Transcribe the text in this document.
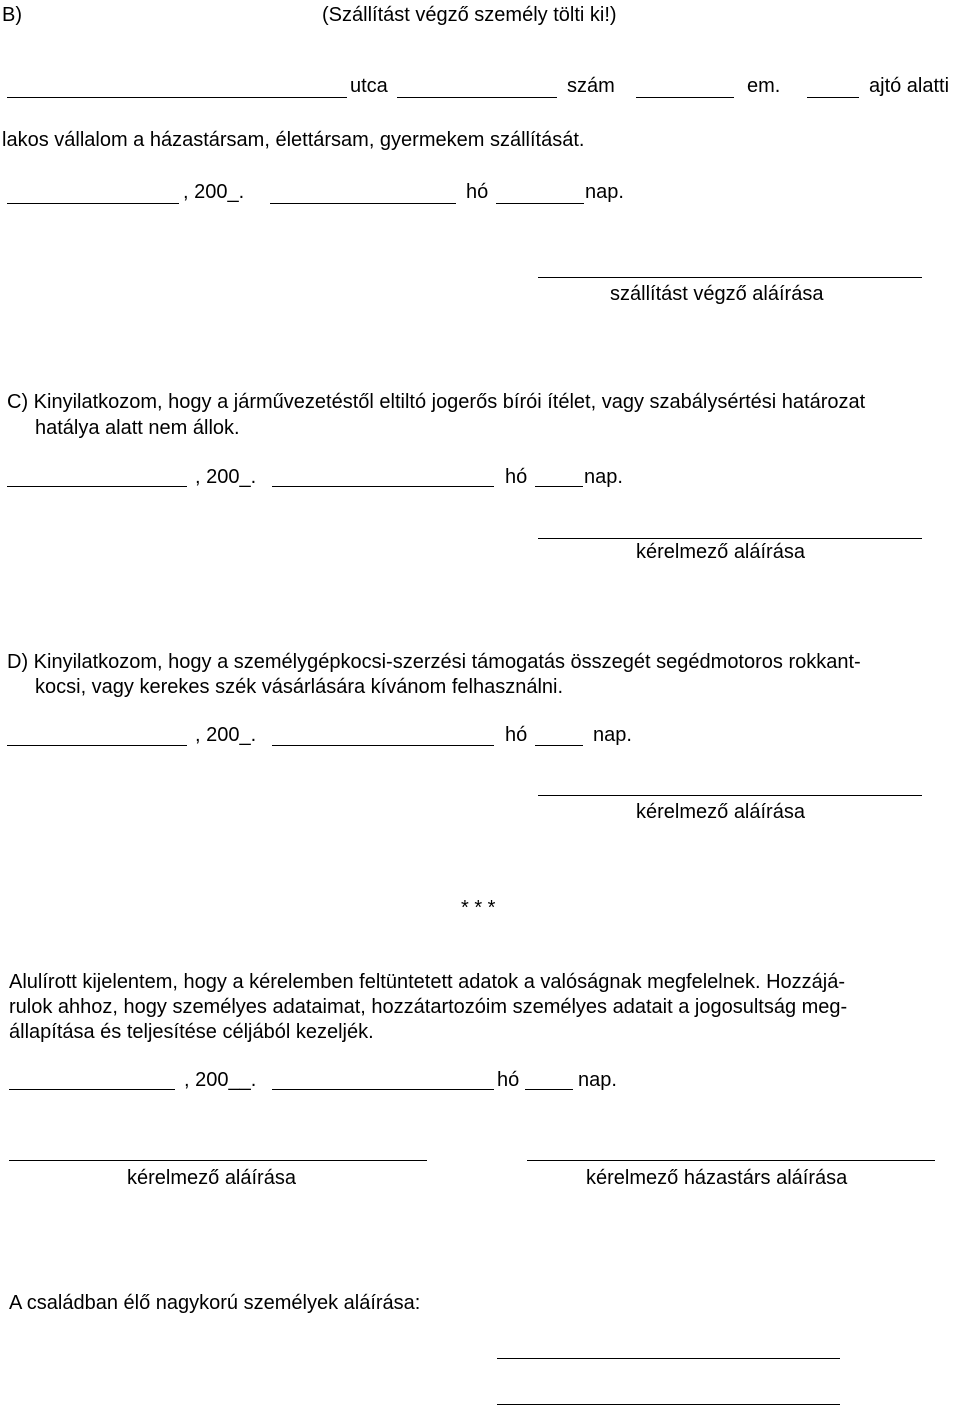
B)	(Szállítást végző személy tölti ki!)
utca	szám	em.	ajtó alatti
lakos vállalom a házastársam, élettársam, gyermekem szállítását.
, 200_.	hó	nap.
szállítást végző aláírása
C) Kinyilatkozom, hogy a járművezetéstől eltiltó jogerős bírói ítélet, vagy szabálysértési határozat
hatálya alatt nem állok.
, 200_.	hó	nap.
kérelmező aláírása
D) Kinyilatkozom, hogy a személygépkocsi-szerzési támogatás összegét segédmotoros rokkant-
kocsi, vagy kerekes szék vásárlására kívánom felhasználni.
, 200_.	hó	nap.
kérelmező aláírása
* * *
Alulírott kijelentem, hogy a kérelemben feltüntetett adatok a valóságnak megfelelnek. Hozzájá-
rulok ahhoz, hogy személyes adataimat, hozzátartozóim személyes adatait a jogosultság meg-
állapítása és teljesítése céljából kezeljék.
, 200__.	hó	nap.
kérelmező aláírása	kérelmező házastárs aláírása
A családban élő nagykorú személyek aláírása:
